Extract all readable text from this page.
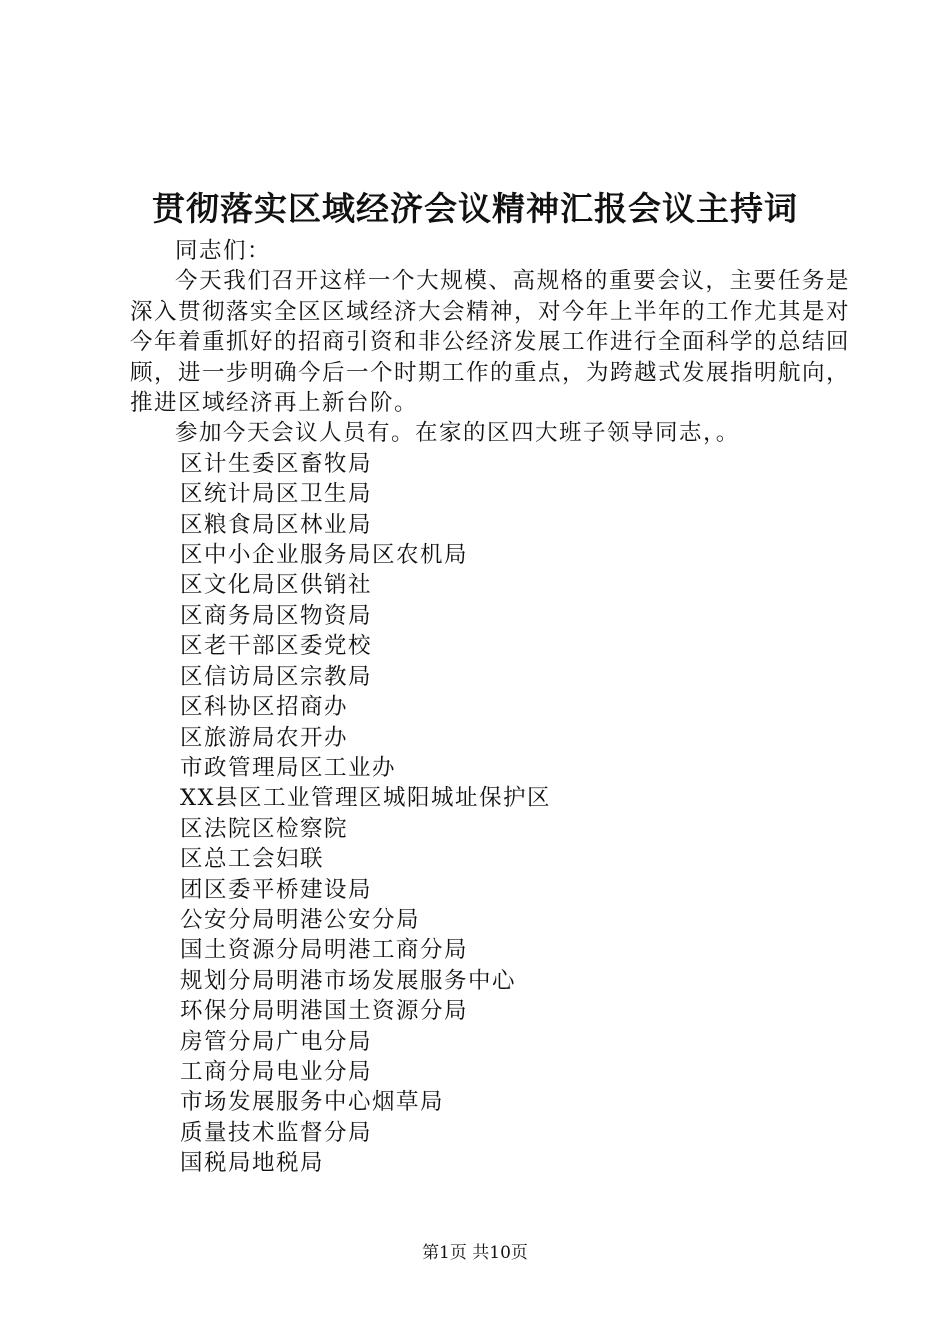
贯彻落实区域经济会议精神汇报会议主持词

同志们：

今天我们召开这样一个大规模、高规格的重要会议，主要任务是深入贯彻落实全区区域经济大会精神，对今年上半年的工作尤其是对今年着重抓好的招商引资和非公经济发展工作进行全面科学的总结回顾，进一步明确今后一个时期工作的重点，为跨越式发展指明航向，推进区域经济再上新台阶。

参加今天会议人员有。在家的区四大班子领导同志，。

区计生委区畜牧局
区统计局区卫生局
区粮食局区林业局
区中小企业服务局区农机局
区文化局区供销社
区商务局区物资局
区老干部区委党校
区信访局区宗教局
区科协区招商办
区旅游局农开办
市政管理局区工业办
XX县区工业管理区城阳城址保护区
区法院区检察院
区总工会妇联
团区委平桥建设局
公安分局明港公安分局
国土资源分局明港工商分局
规划分局明港市场发展服务中心
环保分局明港国土资源分局
房管分局广电分局
工商分局电业分局
市场发展服务中心烟草局
质量技术监督分局
国税局地税局
第1页 共10页
